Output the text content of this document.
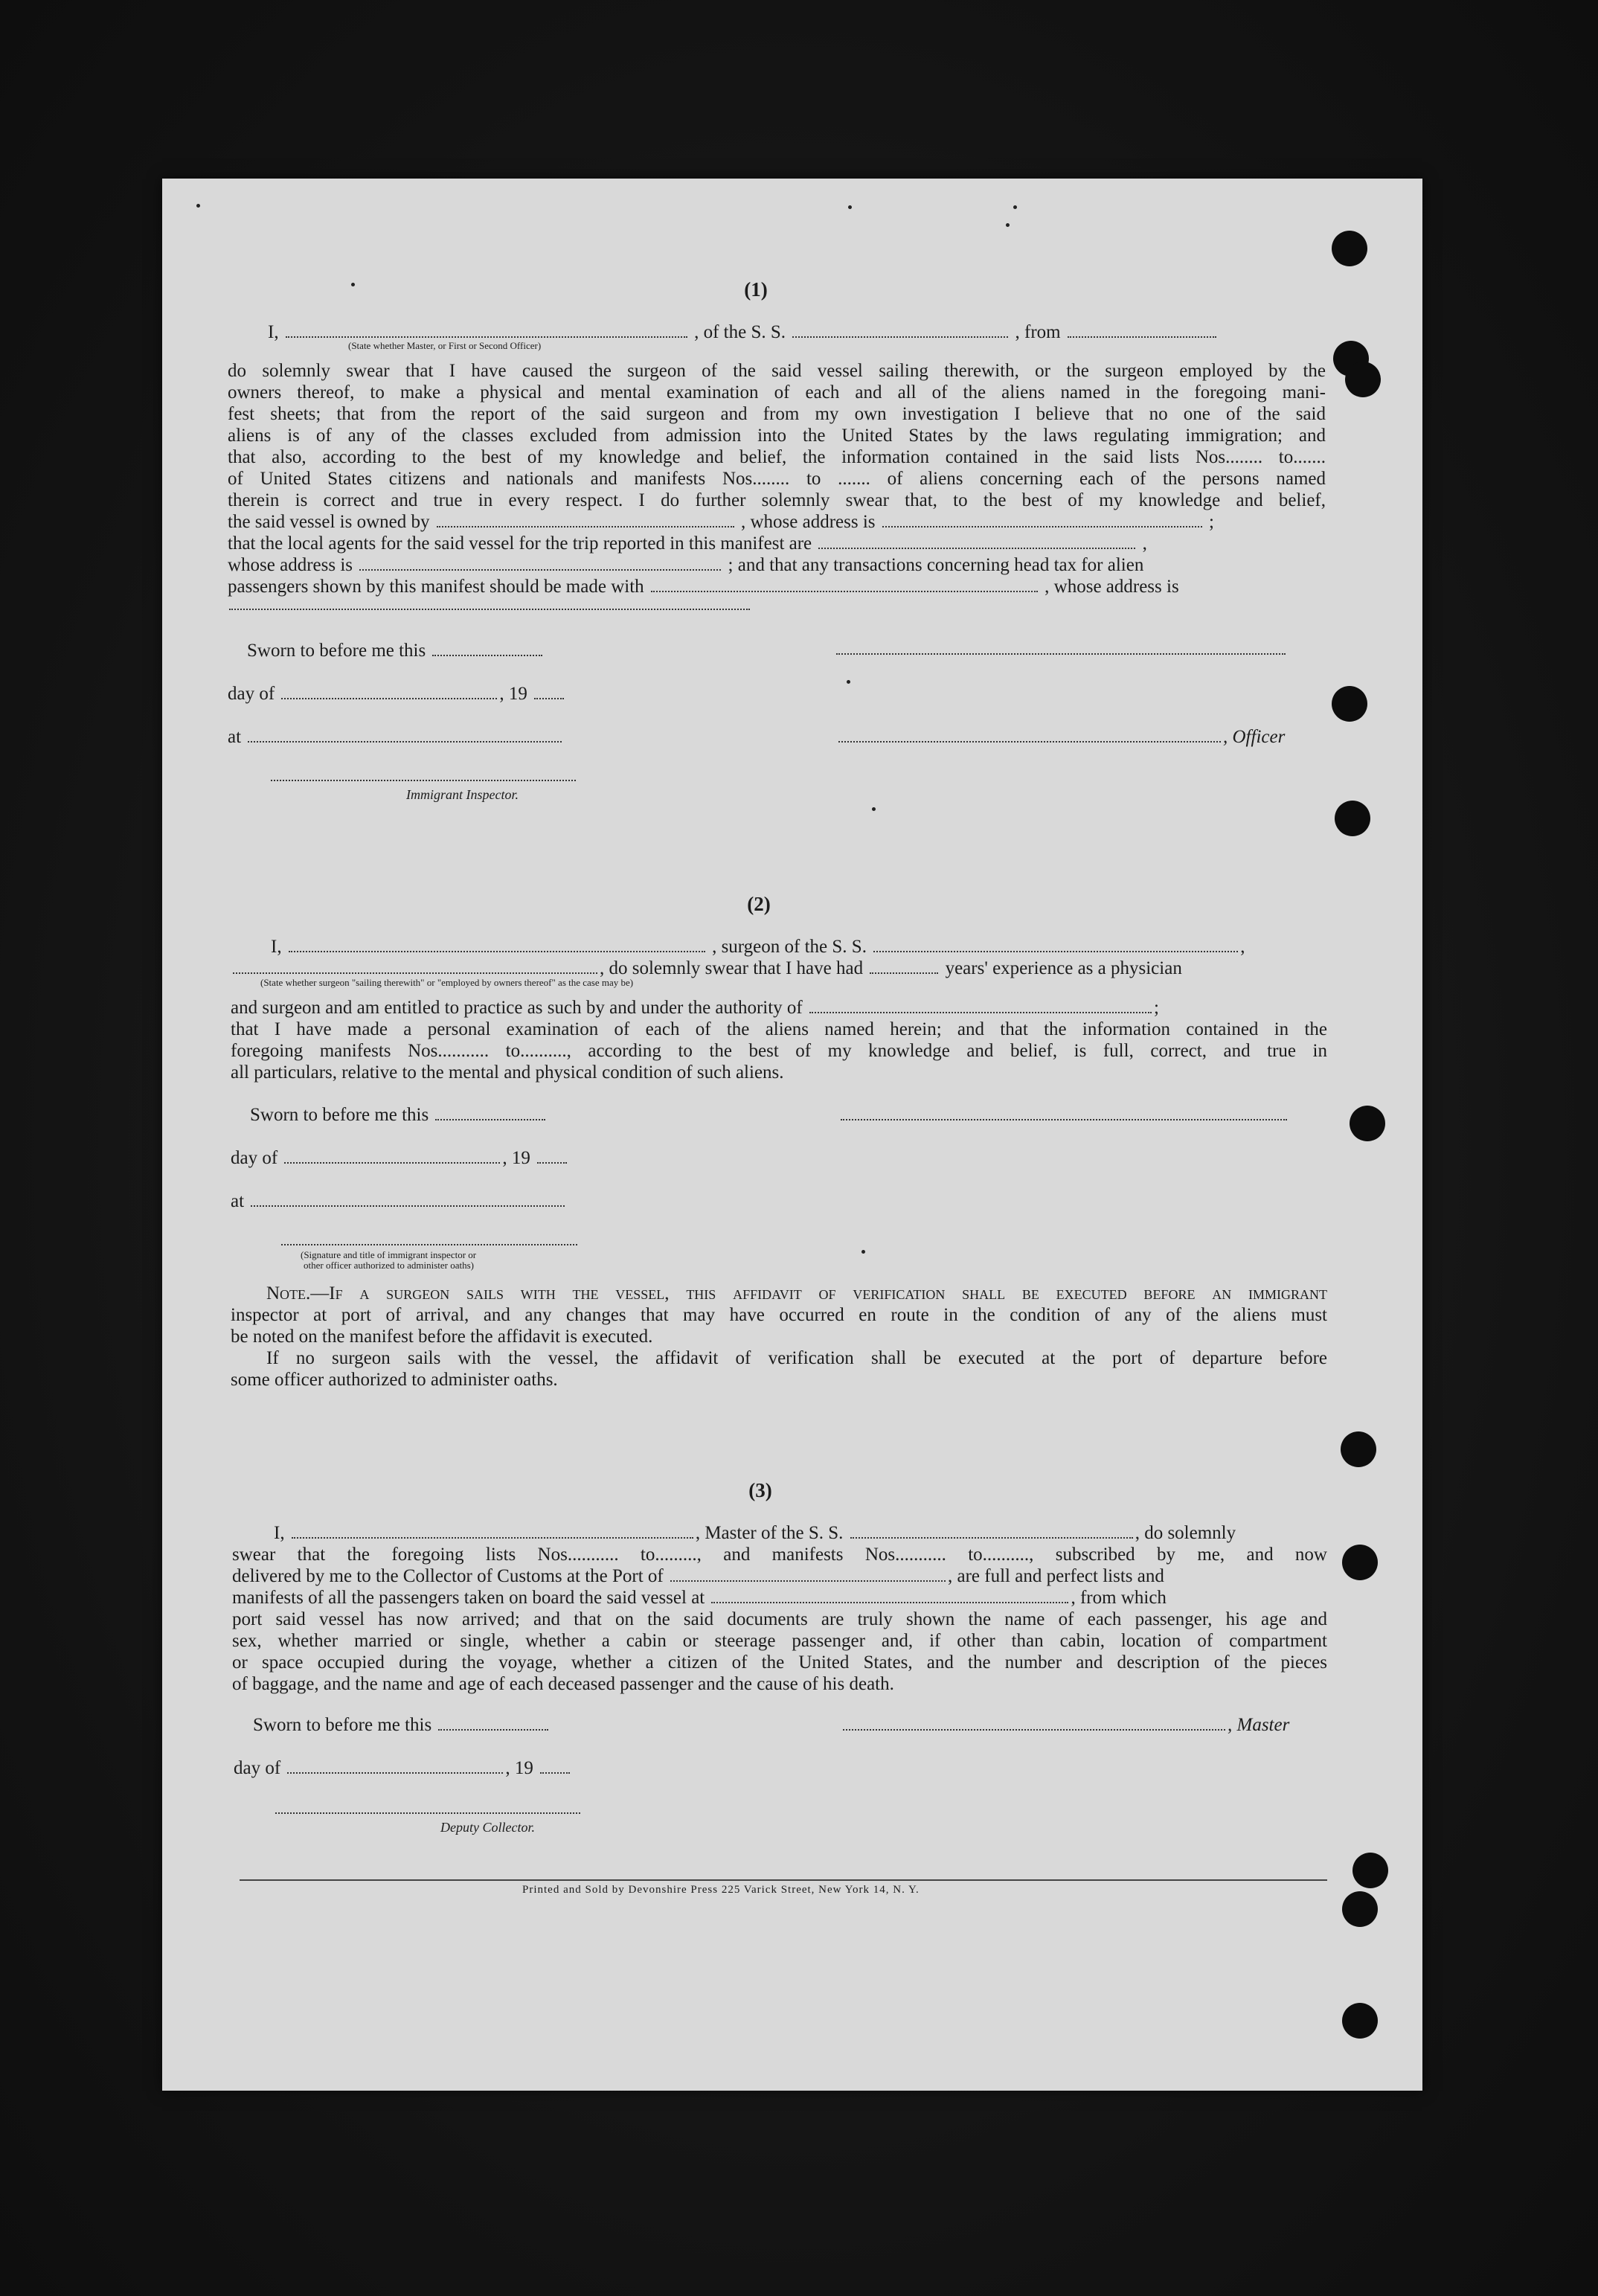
(1)
I,	, of the S. S.	, from
(State whether Master, or First or Second Officer)
do solemnly swear that I have caused the surgeon of the said vessel sailing therewith, or the surgeon employed by the
owners thereof, to make a physical and mental examination of each and all of the aliens named in the foregoing mani-
fest sheets; that from the report of the said surgeon and from my own investigation I believe that no one of the said
aliens is of any of the classes excluded from admission into the United States by the laws regulating immigration; and
that also, according to the best of my knowledge and belief, the information contained in the said lists Nos........ to.......
of United States citizens and nationals and manifests Nos........ to ....... of aliens concerning each of the persons named
therein is correct and true in every respect. I do further solemnly swear that, to the best of my knowledge and belief,
the said vessel is owned by	, whose address is	;
that the local agents for the said vessel for the trip reported in this manifest are	,
whose address is	; and that any transactions concerning head tax for alien
passengers shown by this manifest should be made with	, whose address is
Sworn to before me this
day of	, 19
at	, Officer
Immigrant Inspector.
(2)
I,	, surgeon of the S. S.	,
, do solemnly swear that I have had	years' experience as a physician
(State whether surgeon "sailing therewith" or "employed by owners thereof" as the case may be)
and surgeon and am entitled to practice as such by and under the authority of	;
that I have made a personal examination of each of the aliens named herein; and that the information contained in the
foregoing manifests Nos........... to.........., according to the best of my knowledge and belief, is full, correct, and true in
all particulars, relative to the mental and physical condition of such aliens.
Sworn to before me this
day of	, 19
at
(Signature and title of immigrant inspector or
other officer authorized to administer oaths)
Note.—If a surgeon sails with the vessel, this affidavit of verification shall be executed before an immigrant
inspector at port of arrival, and any changes that may have occurred en route in the condition of any of the aliens must
be noted on the manifest before the affidavit is executed.
If no surgeon sails with the vessel, the affidavit of verification shall be executed at the port of departure before
some officer authorized to administer oaths.
(3)
I,	, Master of the S. S.	, do solemnly
swear that the foregoing lists Nos........... to........., and manifests Nos........... to.........., subscribed by me, and now
delivered by me to the Collector of Customs at the Port of	, are full and perfect lists and
manifests of all the passengers taken on board the said vessel at	, from which
port said vessel has now arrived; and that on the said documents are truly shown the name of each passenger, his age and
sex, whether married or single, whether a cabin or steerage passenger and, if other than cabin, location of compartment
or space occupied during the voyage, whether a citizen of the United States, and the number and description of the pieces
of baggage, and the name and age of each deceased passenger and the cause of his death.
Sworn to before me this	, Master
day of	, 19
Deputy Collector.
Printed and Sold by Devonshire Press 225 Varick Street, New York 14, N. Y.
